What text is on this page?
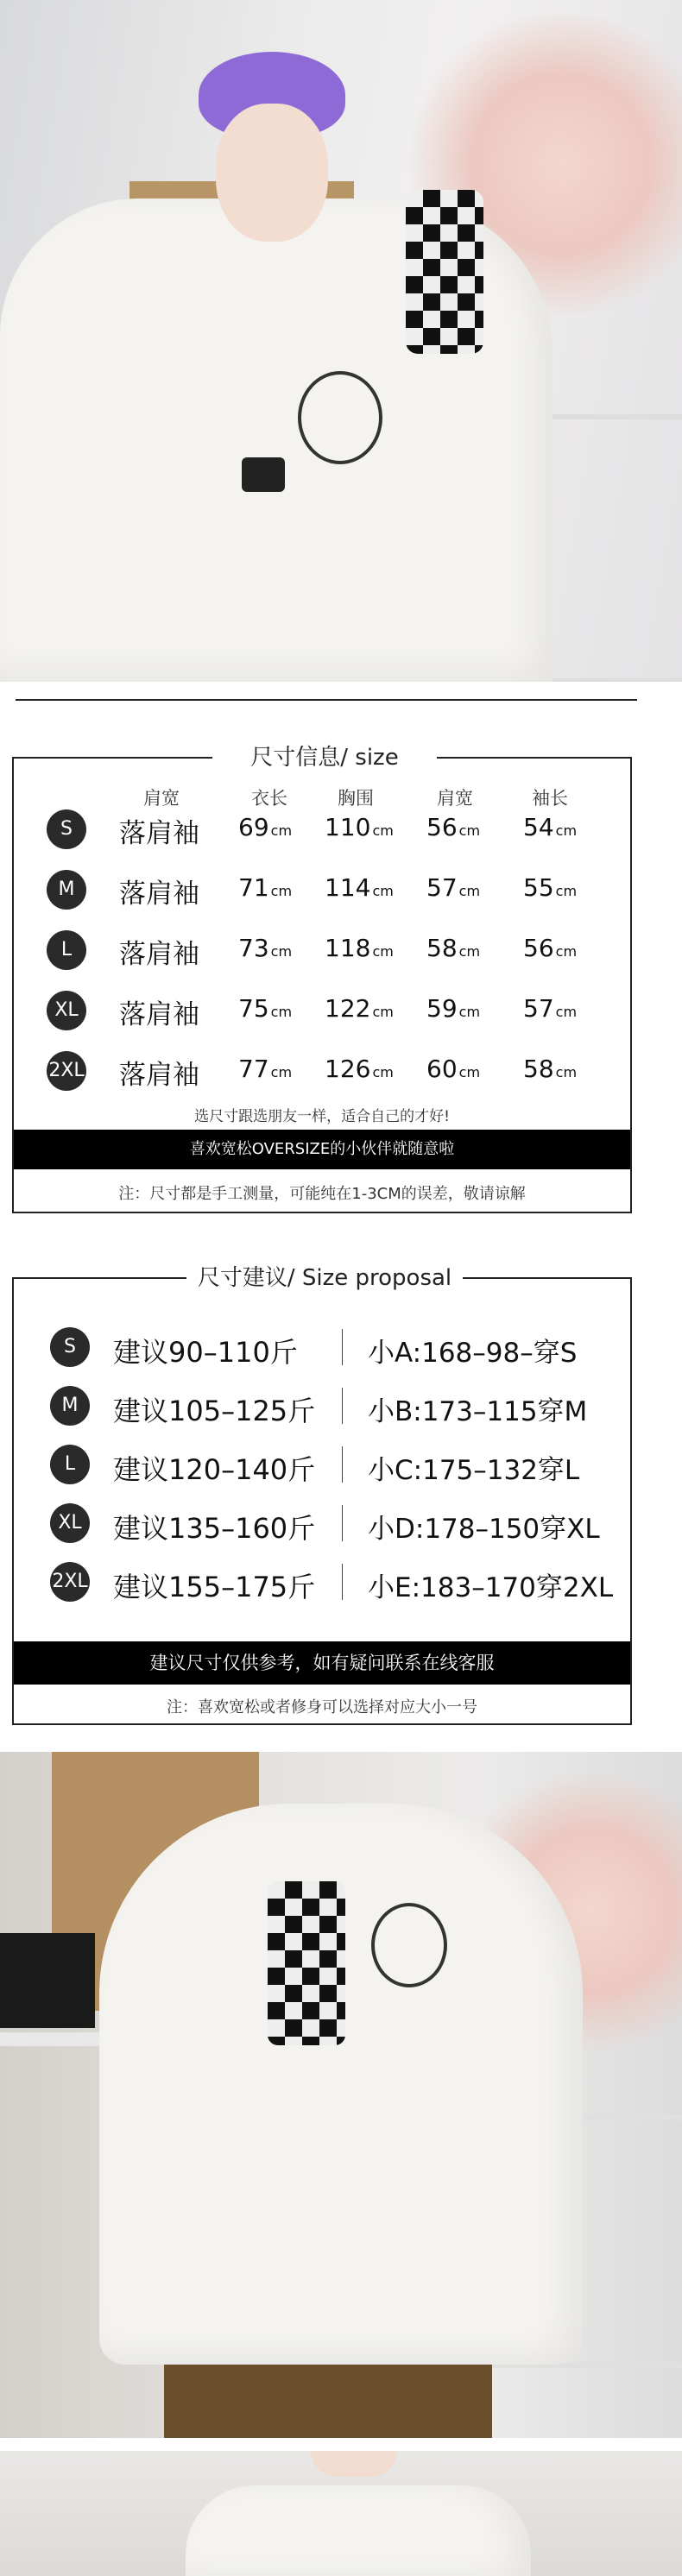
尺寸信息/ size
肩宽	衣长	胸围	肩宽	袖长
S	落肩袖 69 cm 110 cm 56 cm 54 cm
M	落肩袖 71 cm 114 cm 57 cm 55 cm
L	落肩袖 73 cm 118 cm 58 cm 56 cm
XL	落肩袖 75 cm 122 cm 59 cm 57 cm
2XL 落肩袖 77 cm 126 cm 60 cm 58 cm
选尺寸跟选朋友一样，适合自己的才好!
喜欢宽松OVERSIZE的小伙伴就随意啦
注：尺寸都是手工测量，可能纯在1-3CM的误差，敬请谅解
尺寸建议/ Size proposal
S	建议90–110斤	小A:168–98–穿S
M	建议105–125斤 小B:173–115穿M
L	建议120–140斤 小C:175–132穿L
XL 建议135–160斤 小D:178–150穿XL
2XL 建议155–175斤 小E:183–170穿2XL
建议尺寸仅供参考，如有疑问联系在线客服
注：喜欢宽松或者修身可以选择对应大小一号
